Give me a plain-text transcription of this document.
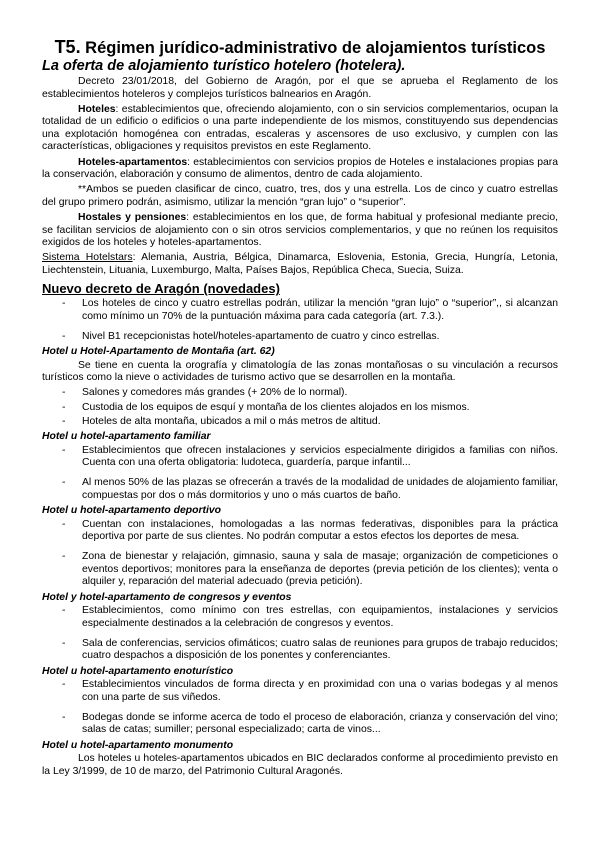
T5. Régimen jurídico-administrativo de alojamientos turísticos
La oferta de alojamiento turístico hotelero (hotelera).

Decreto 23/01/2018, del Gobierno de Aragón, por el que se aprueba el Reglamento de los establecimientos hoteleros y complejos turísticos balnearios en Aragón.

Hoteles: establecimientos que, ofreciendo alojamiento, con o sin servicios complementarios, ocupan la totalidad de un edificio o edificios o una parte independiente de los mismos, constituyendo sus dependencias una explotación homogénea con entradas, escaleras y ascensores de uso exclusivo, y cumplen con las características, obligaciones y requisitos previstos en este Reglamento.

Hoteles-apartamentos: establecimientos con servicios propios de Hoteles e instalaciones propias para la conservación, elaboración y consumo de alimentos, dentro de cada alojamiento.

**Ambos se pueden clasificar de cinco, cuatro, tres, dos y una estrella. Los de cinco y cuatro estrellas del grupo primero podrán, asimismo, utilizar la mención “gran lujo” o “superior”.

Hostales y pensiones: establecimientos en los que, de forma habitual y profesional mediante precio, se facilitan servicios de alojamiento con o sin otros servicios complementarios, y que no reúnen los requisitos exigidos de los hoteles y hoteles-apartamentos.

Sistema Hotelstars: Alemania, Austria, Bélgica, Dinamarca, Eslovenia, Estonia, Grecia, Hungría, Letonia, Liechtenstein, Lituania, Luxemburgo, Malta, Países Bajos, República Checa, Suecia, Suiza.

Nuevo decreto de Aragón (novedades)
- Los hoteles de cinco y cuatro estrellas podrán, utilizar la mención “gran lujo” o “superior”,, si alcanzan como mínimo un 70% de la puntuación máxima para cada categoría (art. 7.3.).
- Nivel B1 recepcionistas hotel/hoteles-apartamento de cuatro y cinco estrellas.
Hotel u Hotel-Apartamento de Montaña (art. 62)

Se tiene en cuenta la orografía y climatología de las zonas montañosas o su vinculación a recursos turísticos como la nieve o actividades de turismo activo que se desarrollen en la montaña.

- Salones y comedores más grandes (+ 20% de lo normal).
- Custodia de los equipos de esquí y montaña de los clientes alojados en los mismos.
- Hoteles de alta montaña, ubicados a mil o más metros de altitud.
Hotel u hotel-apartamento familiar
- Establecimientos que ofrecen instalaciones y servicios especialmente dirigidos a familias con niños. Cuenta con una oferta obligatoria: ludoteca, guardería, parque infantil...
- Al menos 50% de las plazas se ofrecerán a través de la modalidad de unidades de alojamiento familiar, compuestas por dos o más dormitorios y uno o más cuartos de baño.
Hotel u hotel-apartamento deportivo
- Cuentan con instalaciones, homologadas a las normas federativas, disponibles para la práctica deportiva por parte de sus clientes. No podrán computar a estos efectos los deportes de mesa.
- Zona de bienestar y relajación, gimnasio, sauna y sala de masaje; organización de competiciones o eventos deportivos; monitores para la enseñanza de deportes (previa petición de los clientes); venta o alquiler y, reparación del material adecuado (previa petición).
Hotel y hotel-apartamento de congresos y eventos
- Establecimientos, como mínimo con tres estrellas, con equipamientos, instalaciones y servicios especialmente destinados a la celebración de congresos y eventos.
- Sala de conferencias, servicios ofimáticos; cuatro salas de reuniones para grupos de trabajo reducidos; cuatro despachos a disposición de los ponentes y conferenciantes.
Hotel u hotel-apartamento enoturístico
- Establecimientos vinculados de forma directa y en proximidad con una o varias bodegas y al menos con una parte de sus viñedos.
- Bodegas donde se informe acerca de todo el proceso de elaboración, crianza y conservación del vino; salas de catas; sumiller; personal especializado; carta de vinos...
Hotel u hotel-apartamento monumento

Los hoteles u hoteles-apartamentos ubicados en BIC declarados conforme al procedimiento previsto en la Ley 3/1999, de 10 de marzo, del Patrimonio Cultural Aragonés.
